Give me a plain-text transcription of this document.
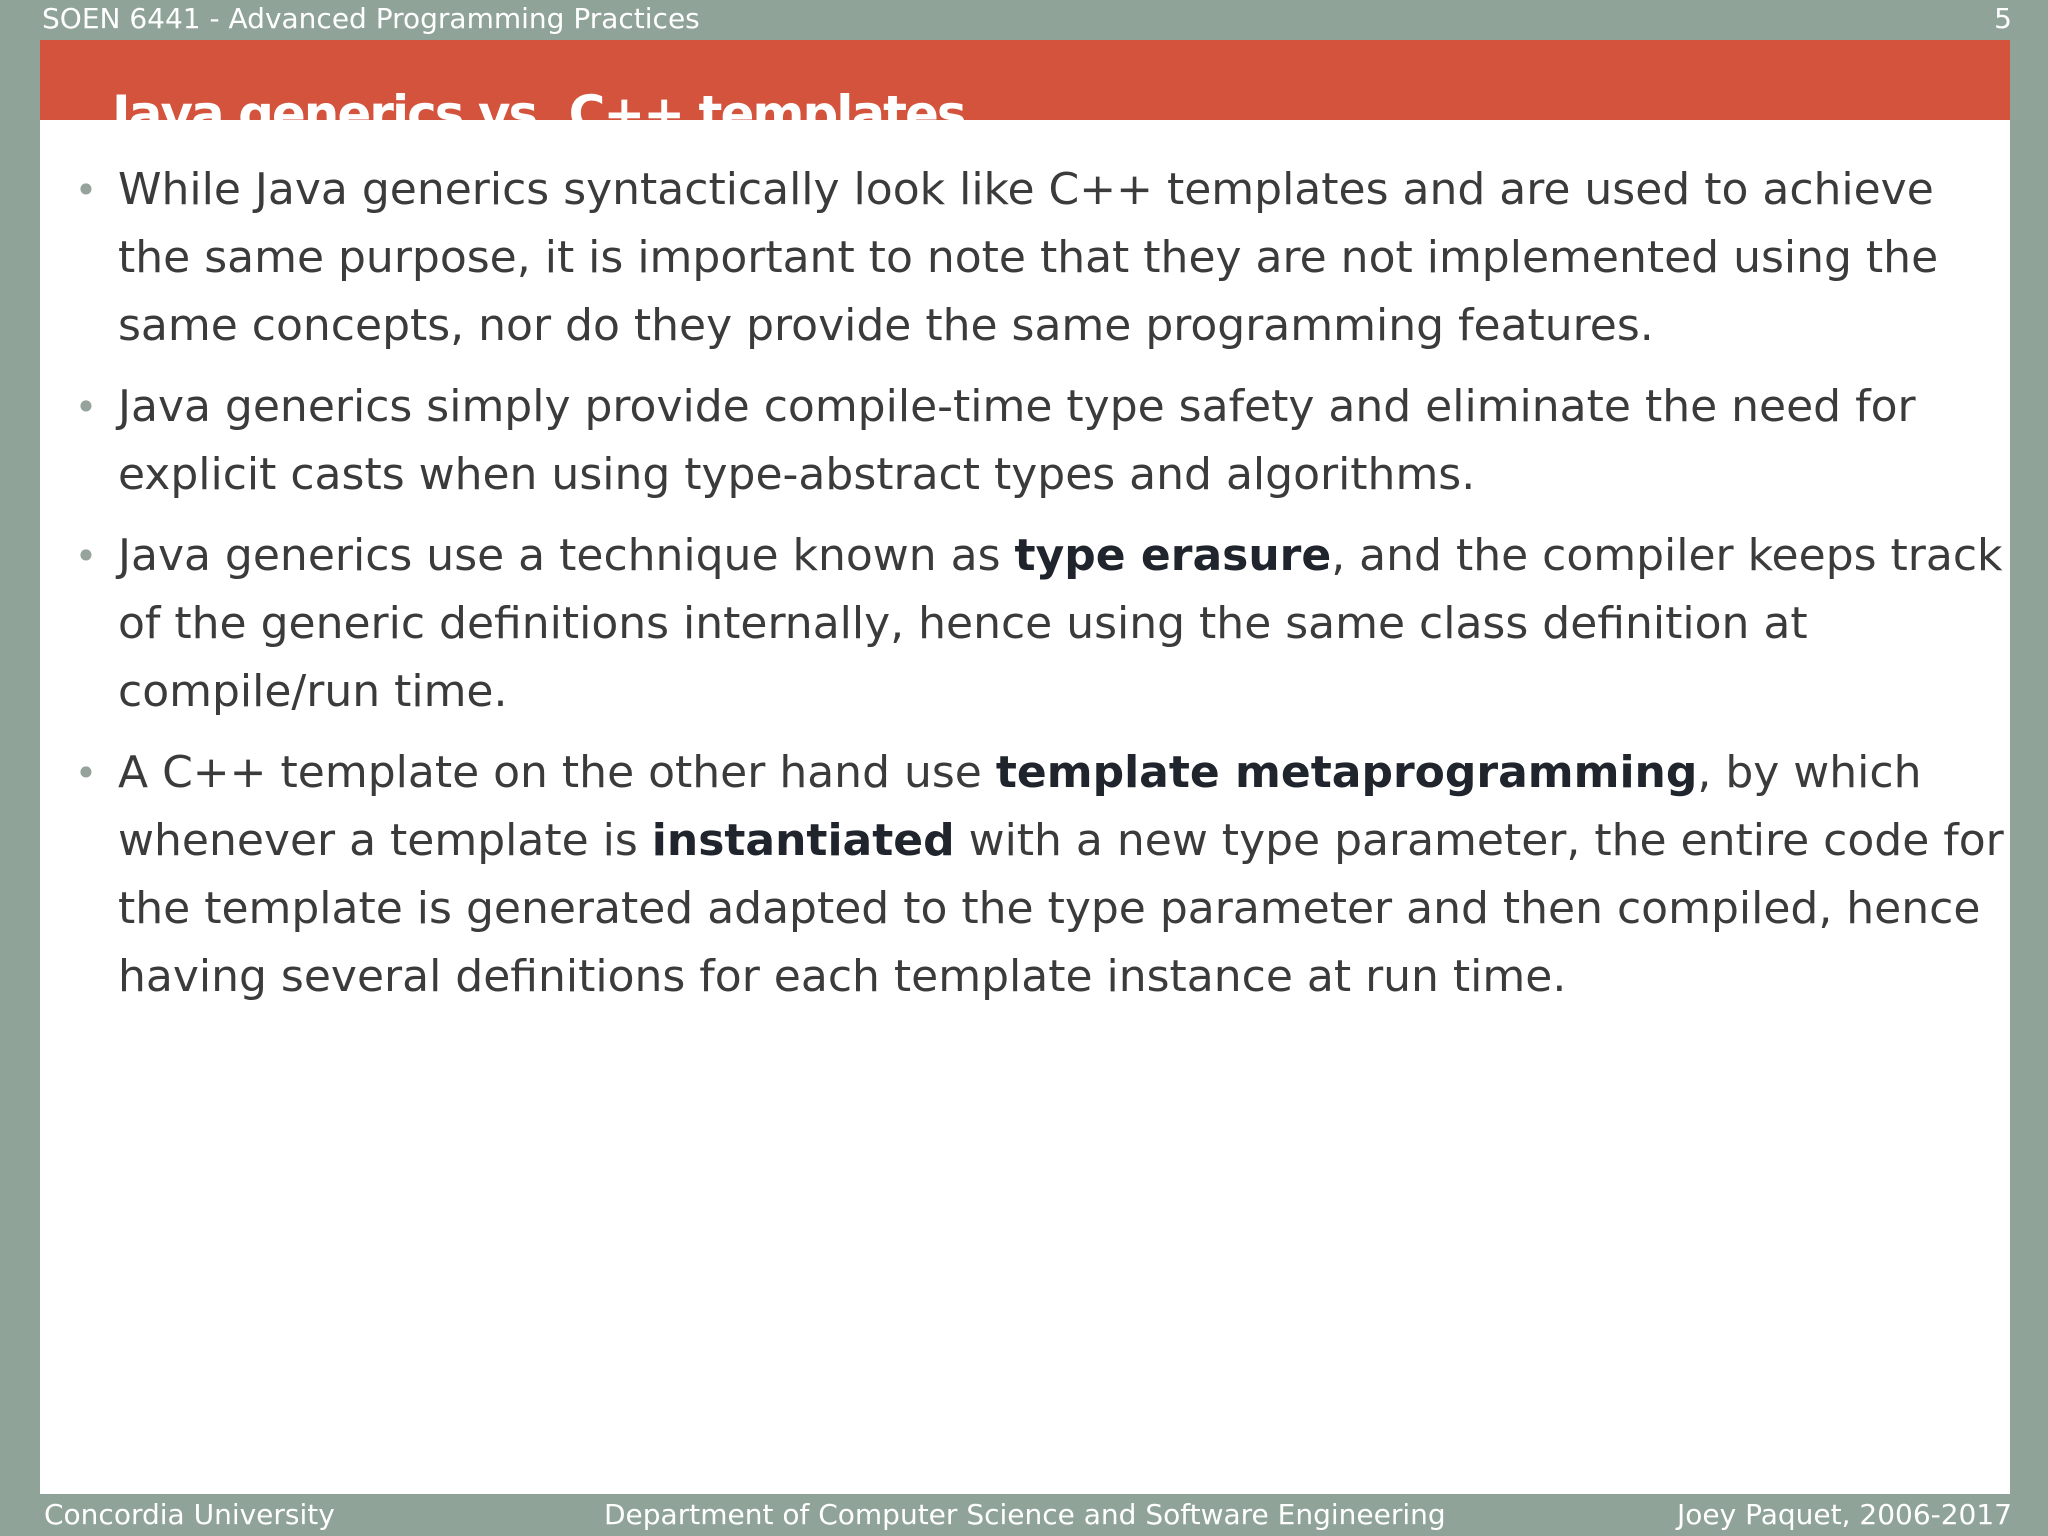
SOEN 6441 - Advanced Programming Practices	5
Java generics vs. C++ templates
• While Java generics syntactically look like C++ templates and are used to achieve the same purpose, it is important to note that they are not implemented using the same concepts, nor do they provide the same programming features.
• Java generics simply provide compile-time type safety and eliminate the need for explicit casts when using type-abstract types and algorithms.
• Java generics use a technique known as type erasure, and the compiler keeps track of the generic definitions internally, hence using the same class definition at compile/run time.
• A C++ template on the other hand use template metaprogramming, by which whenever a template is instantiated with a new type parameter, the entire code for the template is generated adapted to the type parameter and then compiled, hence having several definitions for each template instance at run time.
Concordia University	Department of Computer Science and Software Engineering	Joey Paquet, 2006-2017
